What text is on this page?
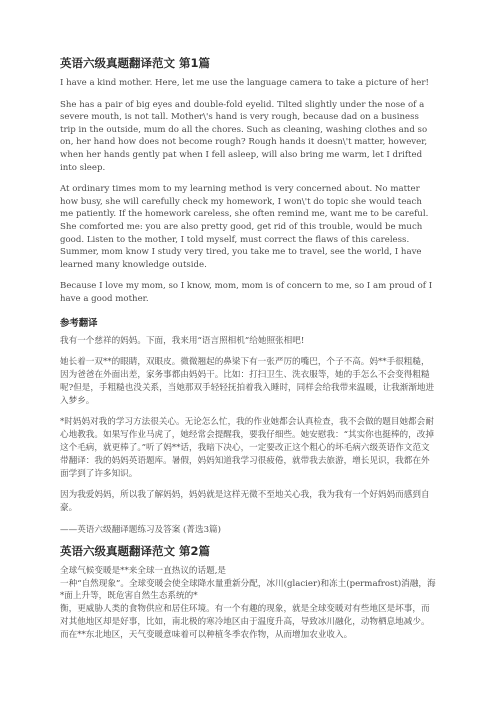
英语六级真题翻译范文 第1篇

I have a kind mother. Here, let me use the language camera to take a picture of her!

She has a pair of big eyes and double-fold eyelid. Tilted slightly under the nose of a severe mouth, is not tall. Mother\'s hand is very rough, because dad on a business trip in the outside, mum do all the chores. Such as cleaning, washing clothes and so on, her hand how does not become rough? Rough hands it doesn\'t matter, however, when her hands gently pat when I fell asleep, will also bring me warm, let I drifted into sleep.

At ordinary times mom to my learning method is very concerned about. No matter how busy, she will carefully check my homework, I won\'t do topic she would teach me patiently. If the homework careless, she often remind me, want me to be careful. She comforted me: you are also pretty good, get rid of this trouble, would be much good. Listen to the mother, I told myself, must correct the flaws of this careless. Summer, mom know I study very tired, you take me to travel, see the world, I have learned many knowledge outside.

Because I love my mom, so I know, mom, mom is of concern to me, so I am proud of I have a good mother.

参考翻译

我有一个慈祥的妈妈。下面，我来用“语言照相机”给她照张相吧!

她长着一双**的眼睛，双眼皮。微微翘起的鼻梁下有一张严厉的嘴巴，个子不高。妈**手很粗糙，因为爸爸在外面出差，家务事都由妈妈干。比如：打扫卫生、洗衣服等，她的手怎么不会变得粗糙呢?但是，手粗糙也没关系，当她那双手轻轻抚拍着我入睡时，同样会给我带来温暖，让我渐渐地进入梦乡。

*时妈妈对我的学习方法很关心。无论怎么忙，我的作业她都会认真检查，我不会做的题目她都会耐心地教我。如果写作业马虎了，她经常会提醒我，要我仔细些。她安慰我：“其实你也挺棒的，改掉这个毛病，就更棒了。”听了妈**话，我暗下决心，一定要改正这个粗心的坏毛病六级英语作文范文带翻译：我的妈妈英语题库。暑假，妈妈知道我学习很疲倦，就带我去旅游，增长见识，我都在外面学到了许多知识。

因为我爱妈妈，所以我了解妈妈，妈妈就是这样无微不至地关心我，我为我有一个好妈妈而感到自豪。

——英语六级翻译题练习及答案 (菁选3篇)

英语六级真题翻译范文 第2篇

全球气候变暖是**来全球一直热议的话题,是

一种“自然现象”。全球变暖会使全球降水量重新分配，冰川(glacier)和冻土(permafrost)消融，海*面上升等，既危害自然生态系统的*

衡，更威胁人类的食物供应和居住环境。有一个有趣的现象，就是全球变暖对有些地区是坏事，而对其他地区却是好事，比如，南北极的寒冷地区由于温度升高，导致冰川融化，动物栖息地减少。而在**东北地区，天气变暖意味着可以种植冬季农作物，从而增加农业收入。
